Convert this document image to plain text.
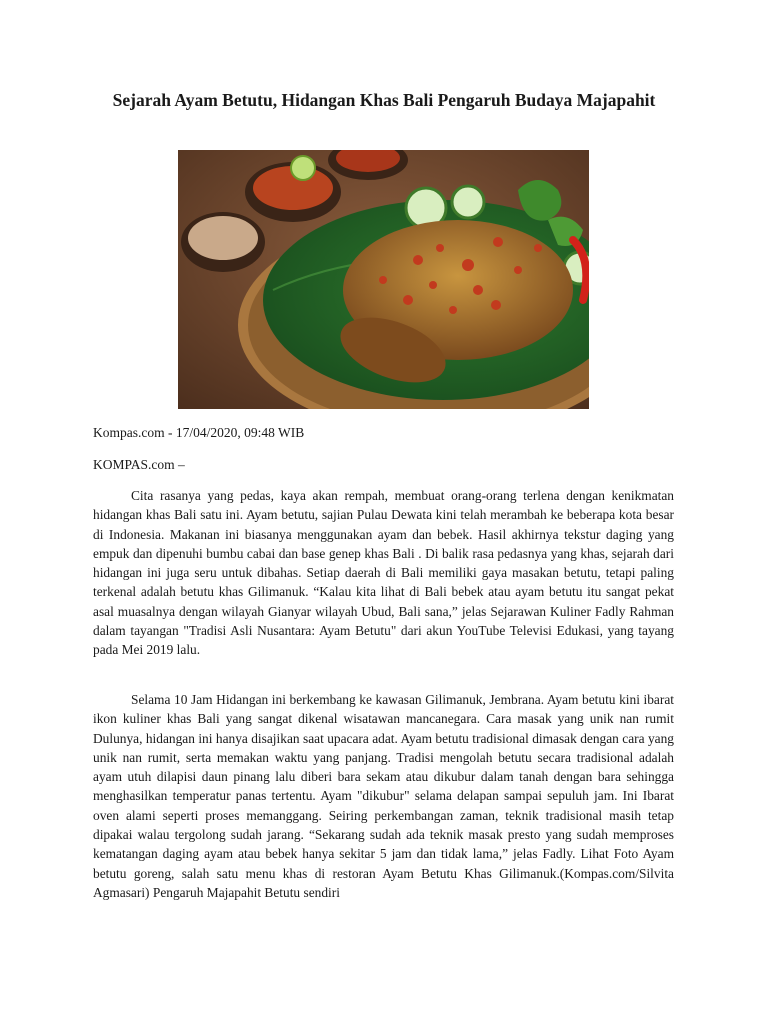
Sejarah Ayam Betutu, Hidangan Khas Bali Pengaruh Budaya Majapahit

Kompas.com - 17/04/2020, 09:48 WIB

KOMPAS.com –

Cita rasanya yang pedas, kaya akan rempah, membuat orang-orang terlena dengan kenikmatan hidangan khas Bali satu ini. Ayam betutu, sajian Pulau Dewata kini telah merambah ke beberapa kota besar di Indonesia. Makanan ini biasanya menggunakan ayam dan bebek. Hasil akhirnya tekstur daging yang empuk dan dipenuhi bumbu cabai dan base genep khas Bali . Di balik rasa pedasnya yang khas, sejarah dari hidangan ini juga seru untuk dibahas. Setiap daerah di Bali memiliki gaya masakan betutu, tetapi paling terkenal adalah betutu khas Gilimanuk. “Kalau kita lihat di Bali bebek atau ayam betutu itu sangat pekat asal muasalnya dengan wilayah Gianyar wilayah Ubud, Bali sana,” jelas Sejarawan Kuliner Fadly Rahman dalam tayangan "Tradisi Asli Nusantara: Ayam Betutu" dari akun YouTube Televisi Edukasi, yang tayang pada Mei 2019 lalu.

Selama 10 Jam Hidangan ini berkembang ke kawasan Gilimanuk, Jembrana. Ayam betutu kini ibarat ikon kuliner khas Bali yang sangat dikenal wisatawan mancanegara. Cara masak yang unik nan rumit Dulunya, hidangan ini hanya disajikan saat upacara adat. Ayam betutu tradisional dimasak dengan cara yang unik nan rumit, serta memakan waktu yang panjang. Tradisi mengolah betutu secara tradisional adalah ayam utuh dilapisi daun pinang lalu diberi bara sekam atau dikubur dalam tanah dengan bara sehingga menghasilkan temperatur panas tertentu. Ayam "dikubur" selama delapan sampai sepuluh jam. Ini Ibarat oven alami seperti proses memanggang. Seiring perkembangan zaman, teknik tradisional masih tetap dipakai walau tergolong sudah jarang. “Sekarang sudah ada teknik masak presto yang sudah memproses kematangan daging ayam atau bebek hanya sekitar 5 jam dan tidak lama,” jelas Fadly. Lihat Foto Ayam betutu goreng, salah satu menu khas di restoran Ayam Betutu Khas Gilimanuk.(Kompas.com/Silvita Agmasari) Pengaruh Majapahit Betutu sendiri
